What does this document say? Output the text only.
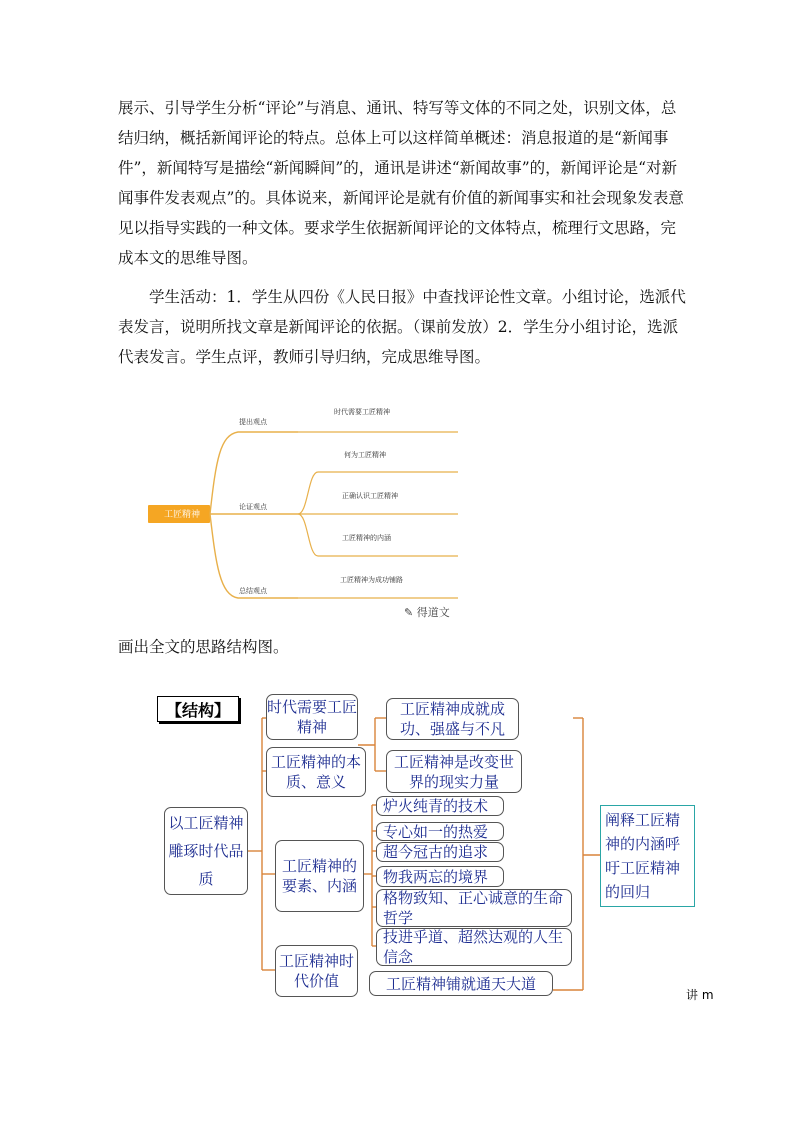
展示、引导学生分析“评论”与消息、通讯、特写等文体的不同之处，识别文体，总结归纳，概括新闻评论的特点。总体上可以这样简单概述：消息报道的是“新闻事件”，新闻特写是描绘“新闻瞬间”的，通讯是讲述“新闻故事”的，新闻评论是“对新闻事件发表观点”的。具体说来，新闻评论是就有价值的新闻事实和社会现象发表意见以指导实践的一种文体。要求学生依据新闻评论的文体特点，梳理行文思路，完成本文的思维导图。

学生活动：1．学生从四份《人民日报》中查找评论性文章。小组讨论，选派代表发言，说明所找文章是新闻评论的依据。（课前发放）2．学生分小组讨论，选派代表发言。学生点评，教师引导归纳，完成思维导图。

工匠精神
提出观点
论证观点
总结观点
时代需要工匠精神
何为工匠精神
正确认识工匠精神
工匠精神的内涵
工匠精神为成功铺路
✎ 得道文

画出全文的思路结构图。

【结构】
以工匠精神雕琢时代品质
时代需要工匠精神
工匠精神的本质、意义
工匠精神的要素、内涵
工匠精神时代价值
工匠精神成就成功、强盛与不凡
工匠精神是改变世界的现实力量
炉火纯青的技术
专心如一的热爱
超今冠古的追求
物我两忘的境界
格物致知、正心诚意的生命哲学
技进乎道、超然达观的人生信念
工匠精神铺就通天大道
阐释工匠精神的内涵呼吁工匠精神的回归
讲 m
